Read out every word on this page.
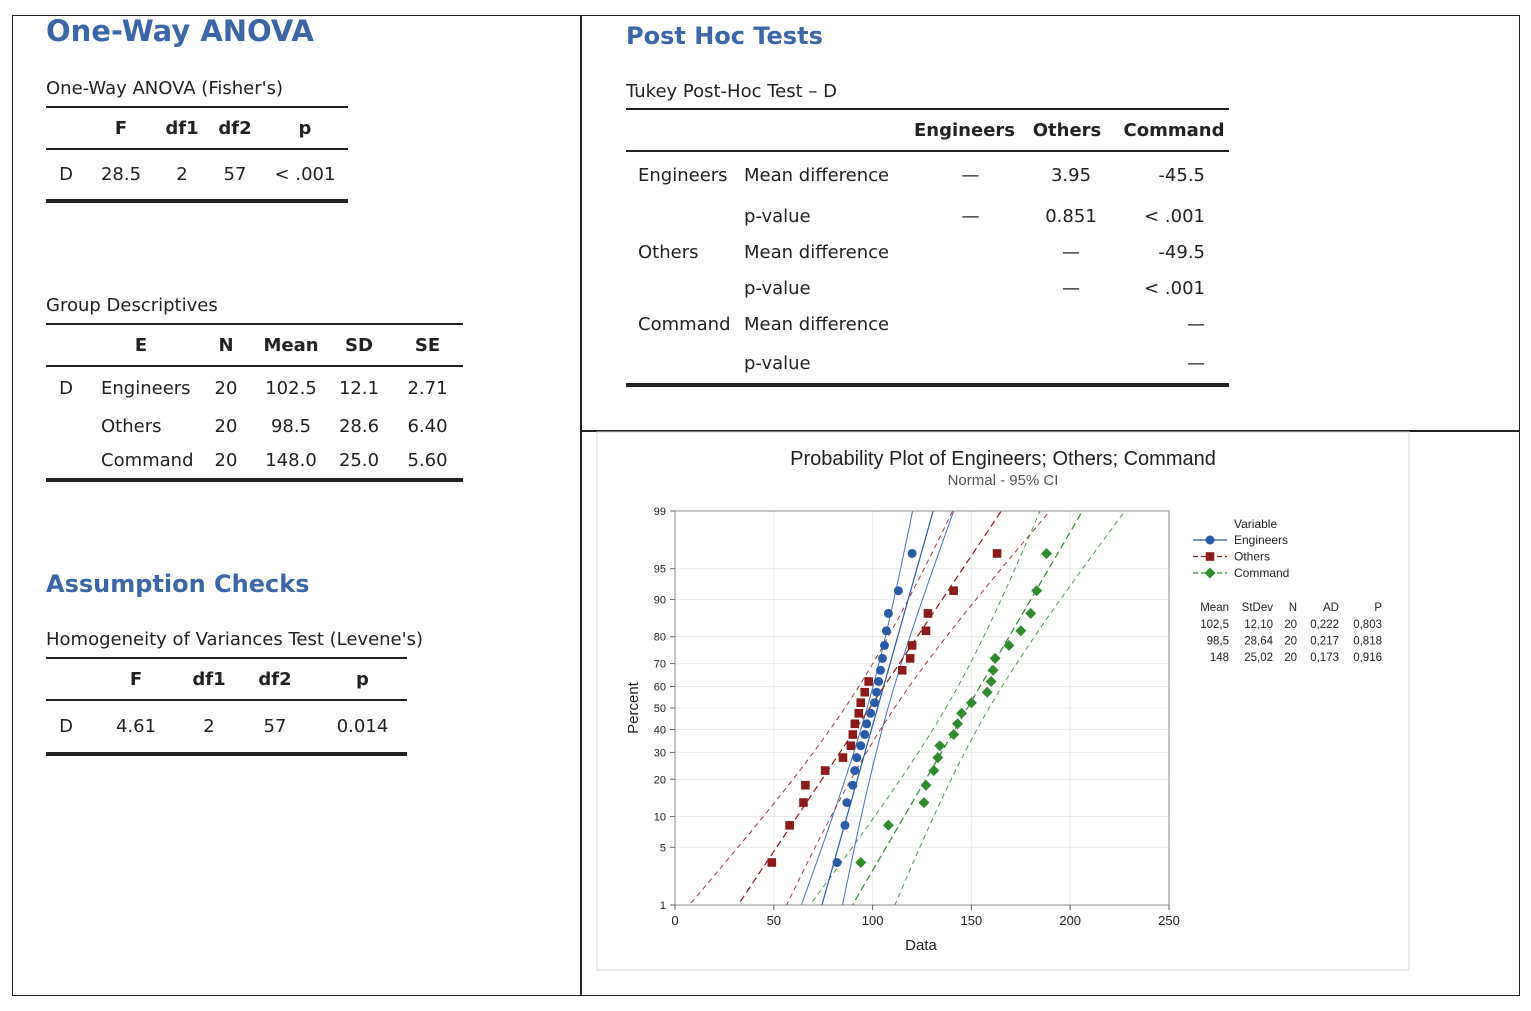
One-Way ANOVA
One-Way ANOVA (Fisher's)
	F	df1	df2	p
D	28.5	2	57	< .001
Group Descriptives
	E	N	Mean	SD	SE
D	Engineers	20	102.5	12.1	2.71
	Others	20	98.5	28.6	6.40
	Command	20	148.0	25.0	5.60
Assumption Checks
Homogeneity of Variances Test (Levene's)
	F	df1	df2	p
D	4.61	2	57	0.014
Post Hoc Tests
Tukey Post-Hoc Test – D
		Engineers	Others	Command
Engineers	Mean difference	—	3.95	-45.5
	p-value	—	0.851	< .001
Others	Mean difference		—	-49.5
	p-value		—	< .001
Command	Mean difference			—
	p-value			—
Probability Plot of Engineers; Others; Command
Normal - 95% CI
0	50	100	150	200	250
1
5
10
20
30
40
50
60
70
80
90
95
99
Data
Percent
Variable
Engineers
Others
Command
Mean StDev N AD	P
102,5 12,10 20 0,222 0,803
98,5 28,64 20 0,217 0,818
148 25,02 20 0,173 0,916
